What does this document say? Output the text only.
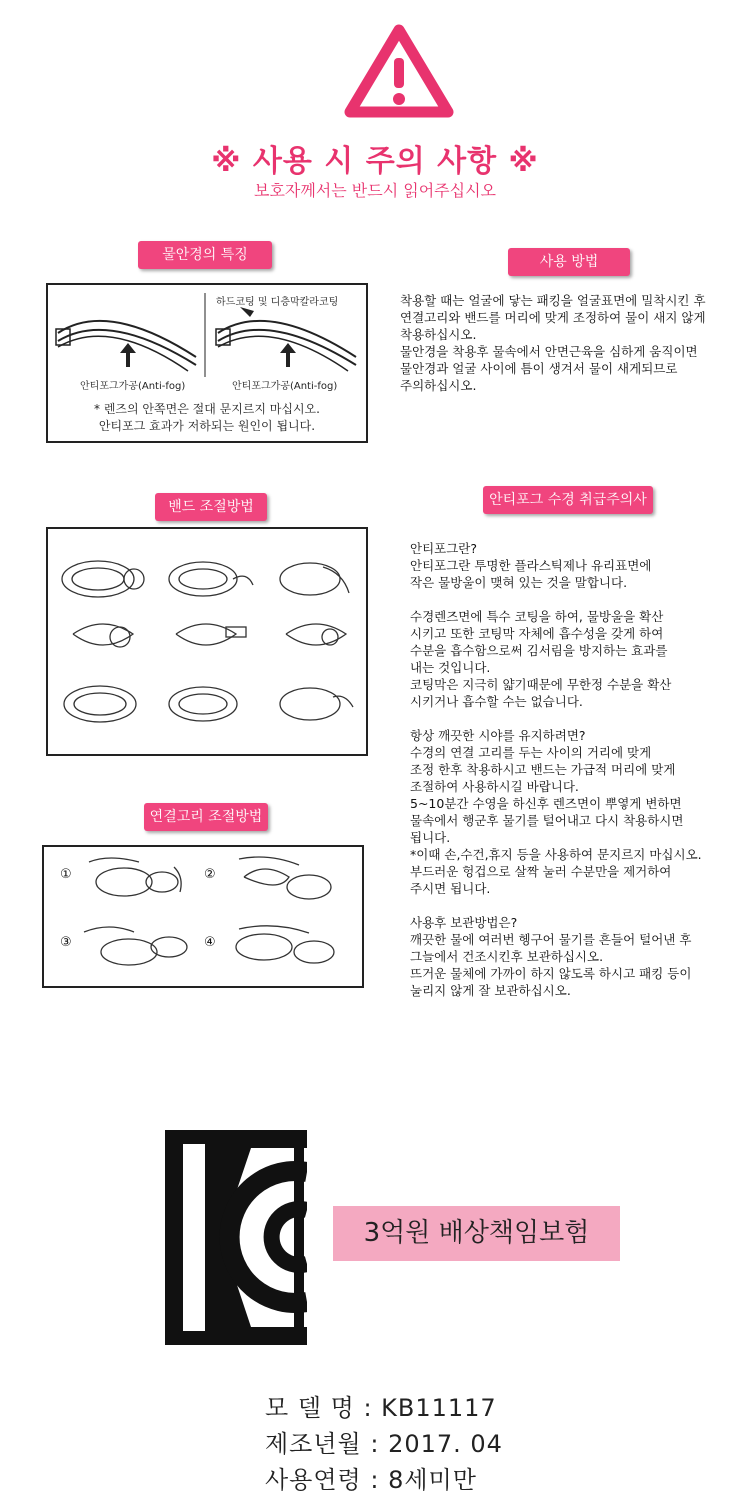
※ 사용 시 주의 사항 ※
보호자께서는 반드시 읽어주십시오
물안경의 특징
하드코팅 및 디층막칼라코팅
안티포그가공(Anti-fog)	안티포그가공(Anti-fog)
* 렌즈의 안쪽면은 절대 문지르지 마십시오.
안티포그 효과가 저하되는 원인이 됩니다.
사용 방법
착용할 때는 얼굴에 닿는 패킹을 얼굴표면에 밀착시킨 후
연결고리와 밴드를 머리에 맞게 조정하여 물이 새지 않게
착용하십시오.
물안경을 착용후 물속에서 안면근육을 심하게 움직이면
물안경과 얼굴 사이에 틈이 생겨서 물이 새게되므로
주의하십시오.
밴드 조절방법	안티포그 수경 취급주의사항
안티포그란?
안티포그란 투명한 플라스틱제나 유리표면에
작은 물방울이 맺혀 있는 것을 말합니다.

수경렌즈면에 특수 코팅을 하여, 물방울을 확산
시키고 또한 코팅막 자체에 흡수성을 갖게 하여
수분을 흡수함으로써 김서림을 방지하는 효과를
내는 것입니다.
코팅막은 지극히 얇기때문에 무한정 수분을 확산
시키거나 흡수할 수는 없습니다.

항상 깨끗한 시야를 유지하려면?
수경의 연결 고리를 두는 사이의 거리에 맞게
조정 한후 착용하시고 밴드는 가급적 머리에 맞게
조절하여 사용하시길 바랍니다.
5~10분간 수영을 하신후 렌즈면이 뿌옇게 변하면
물속에서 행군후 물기를 털어내고 다시 착용하시면
됩니다.
*이때 손,수건,휴지 등을 사용하여 문지르지 마십시오.
부드러운 헝겁으로 살짝 눌러 수분만을 제거하여
주시면 됩니다.

사용후 보관방법은?
깨끗한 물에 여러번 헹구어 물기를 흔들어 털어낸 후
그늘에서 건조시킨후 보관하십시오.
뜨거운 물체에 가까이 하지 않도록 하시고 패킹 등이
눌리지 않게 잘 보관하십시오.
연결고리 조절방법
①	②
③	④
3억원 배상책임보험
모 델 명 : KB11117
제조년월 : 2017. 04
사용연령 : 8세미만
